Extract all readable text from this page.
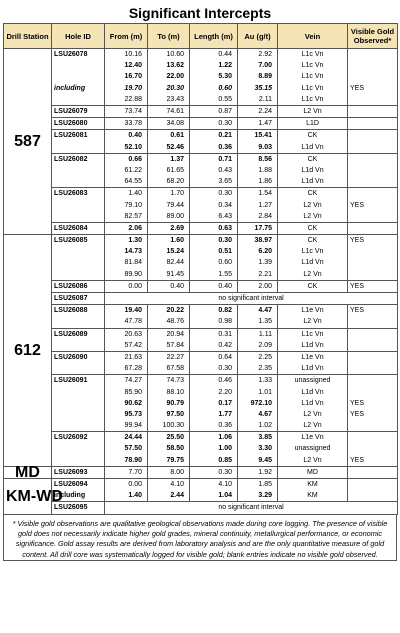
Significant Intercepts
Drill Station	Hole ID	From (m)	To (m)	Length (m)	Au (g/t)	Vein	Visible Gold
Observed*	
587	LSU26078	10.16	10.60	0.44	2.92	L1c Vn		
		12.40	13.62	1.22	7.00	L1c Vn		
		16.70	22.00	5.30	8.89	L1c Vn		
	including	19.70	20.30	0.60	35.15	L1c Vn	YES	
		22.88	23.43	0.55	2.11	L1c Vn		
	LSU26079	73.74	74.61	0.87	2.24	L2 Vn		
	LSU26080	33.78	34.08	0.30	1.47	L1D		
	LSU26081	0.40	0.61	0.21	15.41	CK		
		52.10	52.46	0.36	9.03	L1d Vn		
	LSU26082	0.66	1.37	0.71	8.56	CK		
		61.22	61.65	0.43	1.88	L1d Vn		
		64.55	68.20	3.65	1.86	L1d Vn		
	LSU26083	1.40	1.70	0.30	1.54	CK		
		79.10	79.44	0.34	1.27	L2 Vn	YES	
		82.57	89.00	6.43	2.84	L2 Vn		
	LSU26084	2.06	2.69	0.63	17.75	CK		
612	LSU26085	1.30	1.60	0.30	38.97	CK	YES	
		14.73	15.24	0.51	6.20	L1c Vn		
		81.84	82.44	0.60	1.39	L1d Vn		
		89.90	91.45	1.55	2.21	L2 Vn		
	LSU26086	0.00	0.40	0.40	2.00	CK	YES	
	LSU26087	no significant interval						
	LSU26088	19.40	20.22	0.82	4.47	L1e Vn	YES	
		47.78	48.76	0.98	1.35	L2 Vn		
	LSU26089	20.63	20.94	0.31	1.11	L1c Vn		
		57.42	57.84	0.42	2.09	L1d Vn		
	LSU26090	21.63	22.27	0.64	2.25	L1e Vn		
		67.28	67.58	0.30	2.35	L1d Vn		
	LSU26091	74.27	74.73	0.46	1.33	unassigned		
		85.90	88.10	2.20	1.01	L1d Vn		
		90.62	90.79	0.17	972.10	L1d Vn	YES	
		95.73	97.50	1.77	4.67	L2 Vn	YES	
		99.94	100.30	0.36	1.02	L2 Vn		
	LSU26092	24.44	25.50	1.06	3.85	L1e Vn		
		57.50	58.50	1.00	3.30	unassigned		
		78.90	79.75	0.85	9.45	L2 Vn	YES	
MD	LSU26093	7.70	8.00	0.30	1.92	MD		
KM-WD	LSU26094	0.00	4.10	4.10	1.85	KM		
	including	1.40	2.44	1.04	3.29	KM		
	LSU26095	no significant interval						
* Visible gold observations are qualitative geological observations made during core logging. The presence of visible gold does not necessarily indicate higher gold grades, mineral continuity, metallurgical performance, or economic significance. Gold assay results are derived from laboratory analysis and are the only quantitative measure of gold content. All drill core was systematically logged for visible gold; blank entries indicate no visible gold observed.
